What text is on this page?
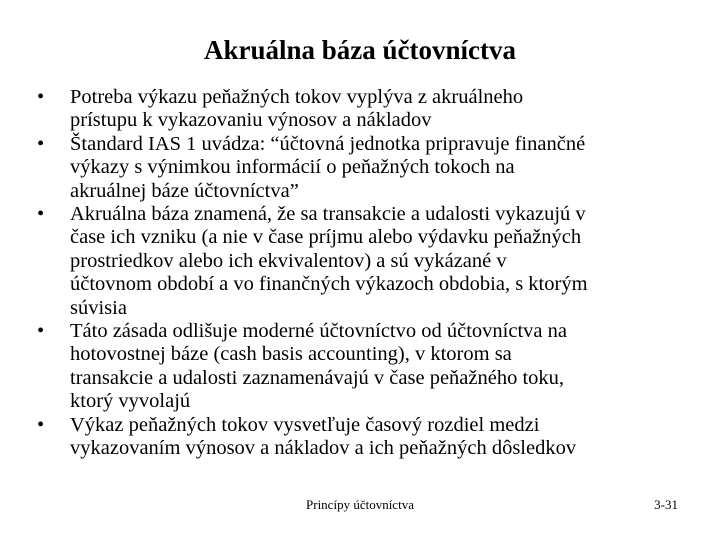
Akruálna báza účtovníctva
•	Potreba výkazu peňažných tokov vyplýva z akruálneho
prístupu k vykazovaniu výnosov a nákladov
•	Štandard IAS 1 uvádza: “účtovná jednotka pripravuje finančné
výkazy s výnimkou informácií o peňažných tokoch na
akruálnej báze účtovníctva”
•	Akruálna báza znamená, že sa transakcie a udalosti vykazujú v
čase ich vzniku (a nie v čase príjmu alebo výdavku peňažných
prostriedkov alebo ich ekvivalentov) a sú vykázané v
účtovnom období a vo finančných výkazoch obdobia, s ktorým
súvisia
•	Táto zásada odlišuje moderné účtovníctvo od účtovníctva na
hotovostnej báze (cash basis accounting), v ktorom sa
transakcie a udalosti zaznamenávajú v čase peňažného toku,
ktorý vyvolajú
•	Výkaz peňažných tokov vysvetľuje časový rozdiel medzi
vykazovaním výnosov a nákladov a ich peňažných dôsledkov
Princípy účtovníctva	3-31
